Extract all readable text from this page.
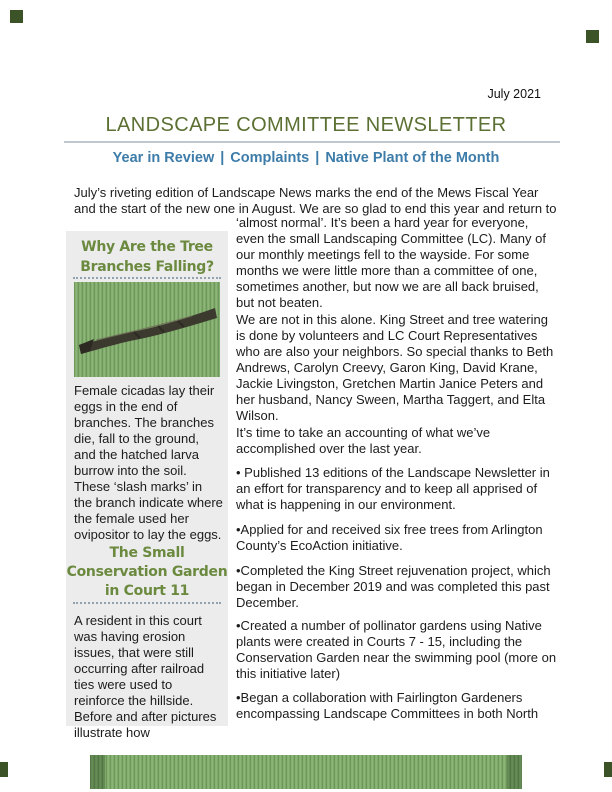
July 2021
LANDSCAPE COMMITTEE NEWSLETTER
Year in Review | Complaints | Native Plant of the Month

July’s riveting edition of Landscape News marks the end of the Mews Fiscal Year and the start of the new one in August. We are so glad to end this year and return to

Why Are the Tree
Branches Falling?

Female cicadas lay their eggs in the end of branches. The branches die, fall to the ground, and the hatched larva burrow into the soil. These ‘slash marks’ in the branch indicate where the female used her ovipositor to lay the eggs.

The Small
Conservation Garden
in Court 11

A resident in this court was having erosion issues, that were still occurring after railroad ties were used to reinforce the hillside. Before and after pictures illustrate how

‘almost normal’. It’s been a hard year for everyone, even the small Landscaping Committee (LC). Many of our monthly meetings fell to the wayside. For some months we were little more than a committee of one, sometimes another, but now we are all back bruised, but not beaten.

We are not in this alone. King Street and tree watering is done by volunteers and LC Court Representatives who are also your neighbors. So special thanks to Beth Andrews, Carolyn Creevy, Garon King, David Krane, Jackie Livingston, Gretchen Martin Janice Peters and her husband, Nancy Sween, Martha Taggert, and Elta Wilson.

It’s time to take an accounting of what we’ve accomplished over the last year.

• Published 13 editions of the Landscape Newsletter in an effort for transparency and to keep all apprised of what is happening in our environment.

•Applied for and received six free trees from Arlington County’s EcoAction initiative.

•Completed the King Street rejuvenation project, which began in December 2019 and was completed this past December.

•Created a number of pollinator gardens using Native plants were created in Courts 7 - 15, including the Conservation Garden near the swimming pool (more on this initiative later)

•Began a collaboration with Fairlington Gardeners encompassing Landscape Committees in both North
